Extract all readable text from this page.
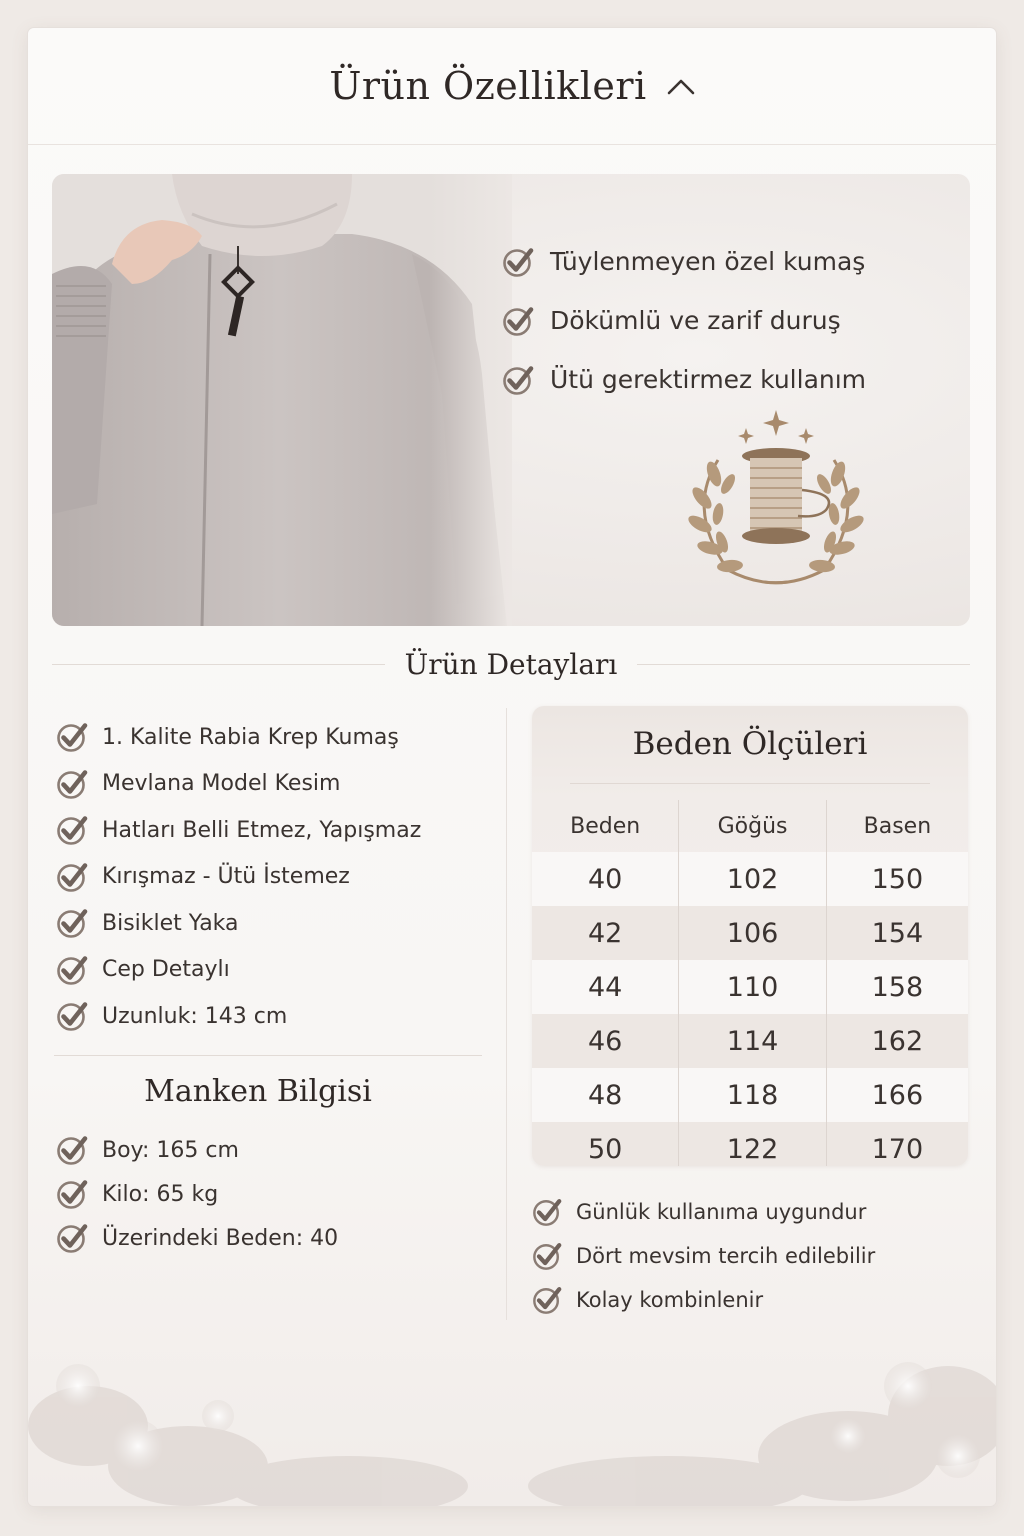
Ürün Özellikleri
Tüylenmeyen özel kumaş
Dökümlü ve zarif duruş
Ütü gerektirmez kullanım
Ürün Detayları
1. Kalite Rabia Krep Kumaş
Mevlana Model Kesim
Hatları Belli Etmez, Yapışmaz
Kırışmaz - Ütü İstemez
Bisiklet Yaka
Cep Detaylı
Uzunluk: 143 cm
Manken Bilgisi
Boy: 165 cm
Kilo: 65 kg
Üzerindeki Beden: 40
Beden Ölçüleri
Beden	Göğüs	Basen
40	102	150
42	106	154
44	110	158
46	114	162
48	118	166
50	122	170
Günlük kullanıma uygundur
Dört mevsim tercih edilebilir
Kolay kombinlenir
